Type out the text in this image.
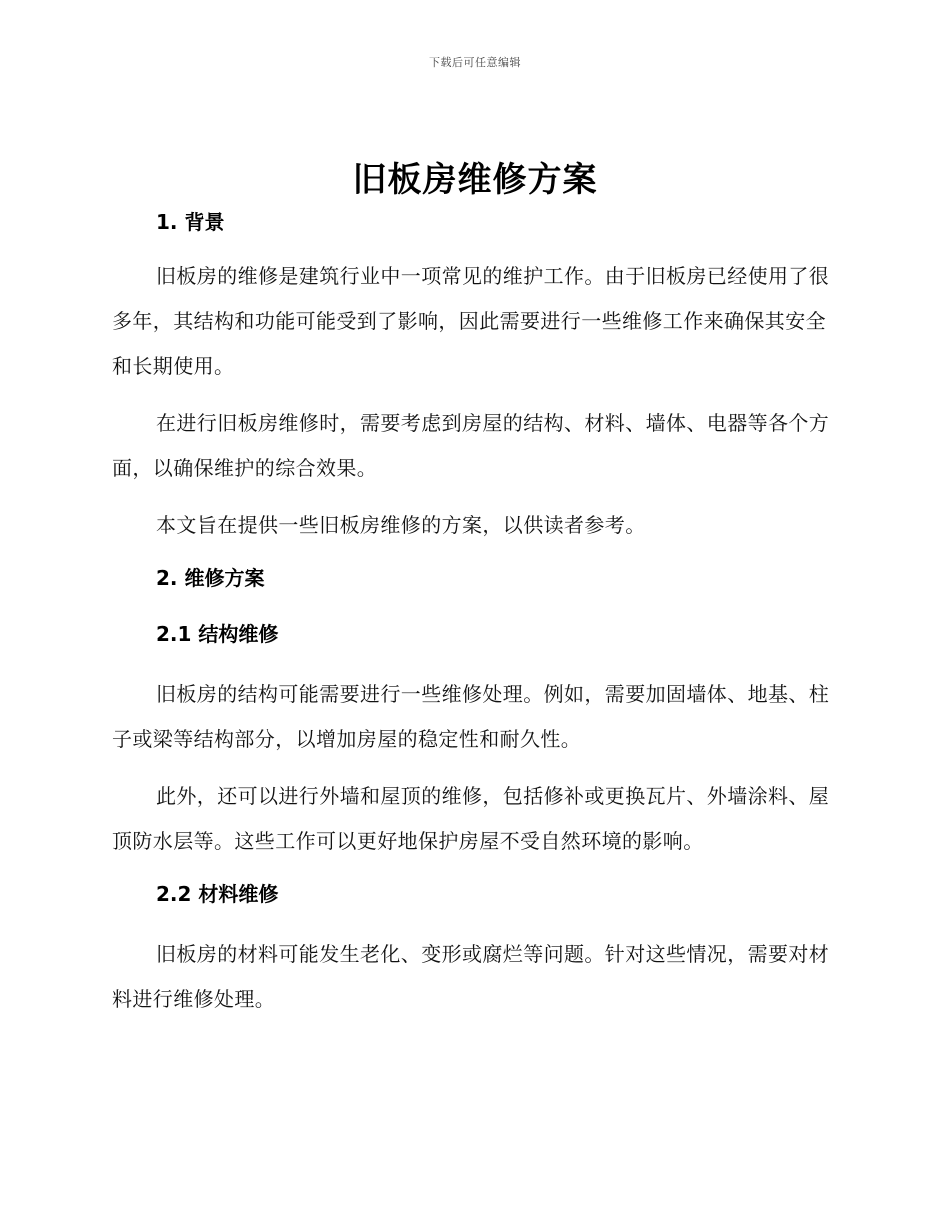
下载后可任意编辑
旧板房维修方案
1. 背景

旧板房的维修是建筑行业中一项常见的维护工作。由于旧板房已经使用了很多年，其结构和功能可能受到了影响，因此需要进行一些维修工作来确保其安全和长期使用。

在进行旧板房维修时，需要考虑到房屋的结构、材料、墙体、电器等各个方面，以确保维护的综合效果。

本文旨在提供一些旧板房维修的方案，以供读者参考。

2. 维修方案
2.1 结构维修

旧板房的结构可能需要进行一些维修处理。例如，需要加固墙体、地基、柱子或梁等结构部分，以增加房屋的稳定性和耐久性。

此外，还可以进行外墙和屋顶的维修，包括修补或更换瓦片、外墙涂料、屋顶防水层等。这些工作可以更好地保护房屋不受自然环境的影响。

2.2 材料维修

旧板房的材料可能发生老化、变形或腐烂等问题。针对这些情况，需要对材料进行维修处理。
